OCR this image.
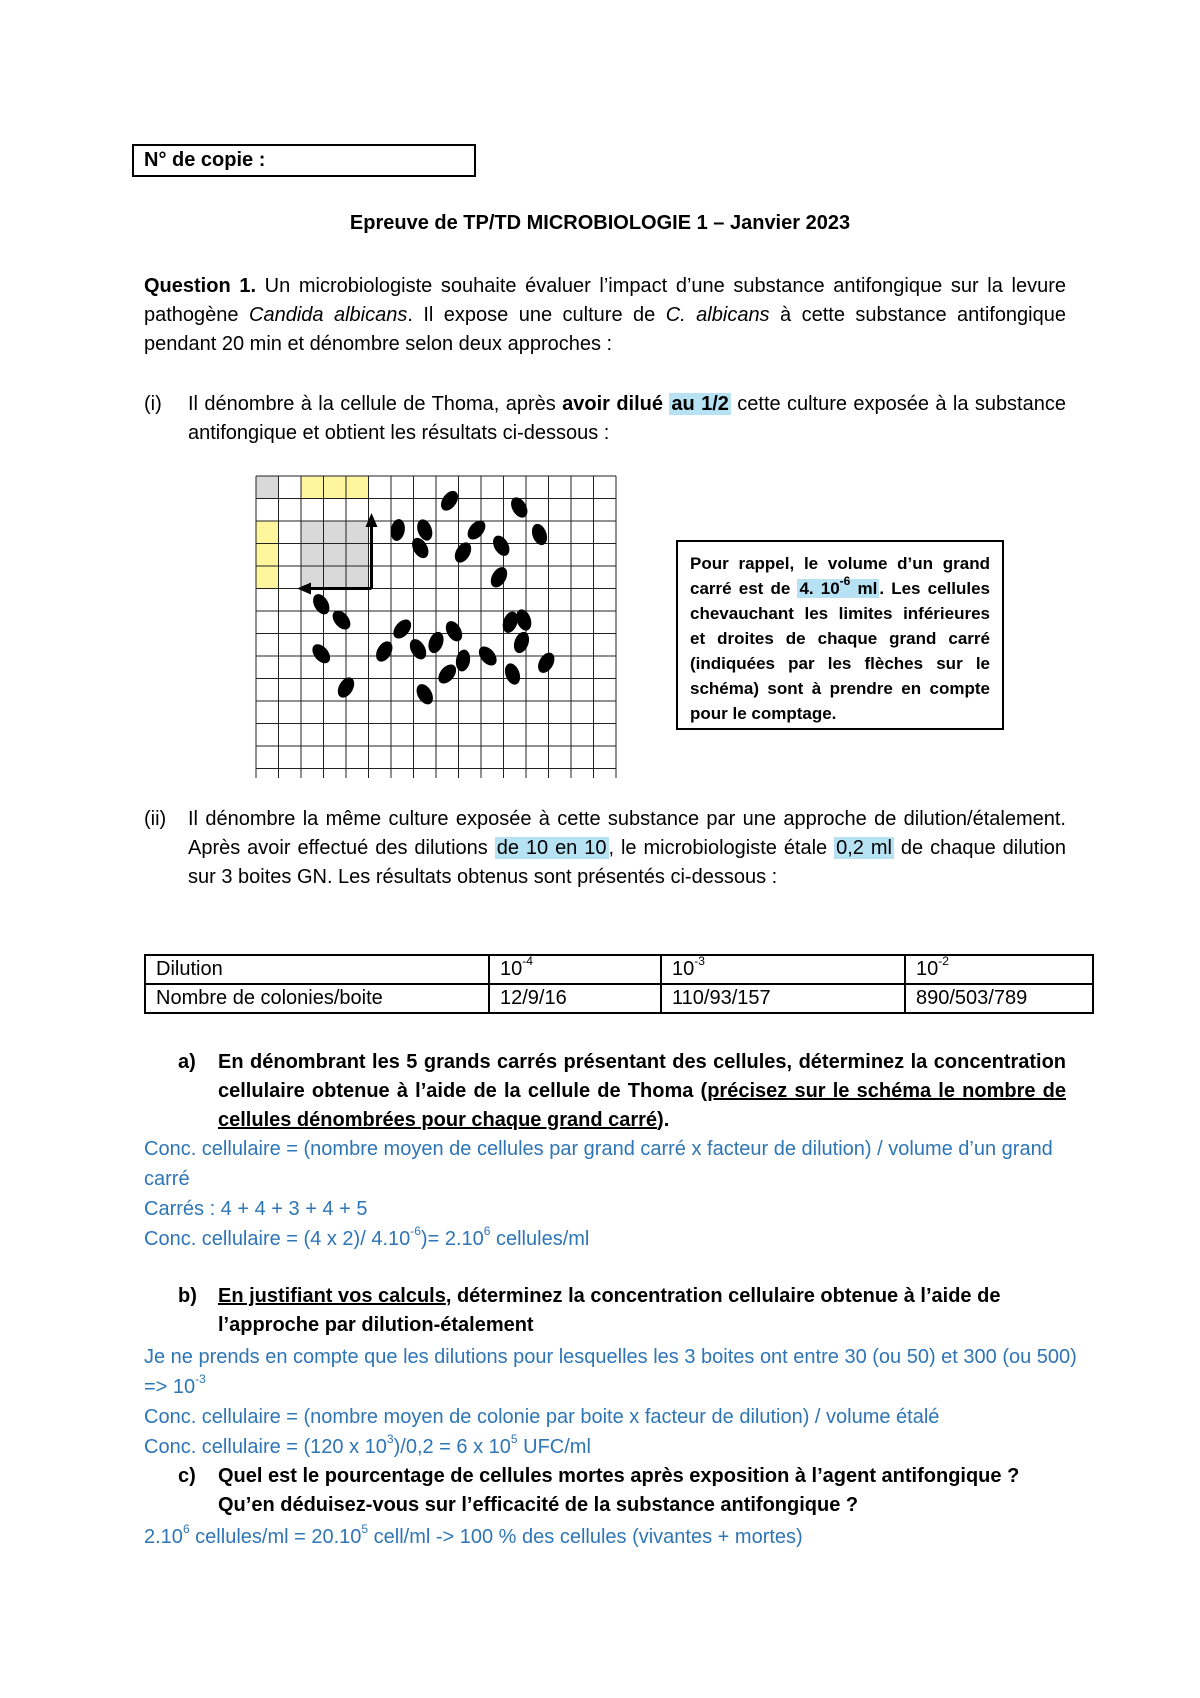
N° de copie :
Epreuve de TP/TD MICROBIOLOGIE 1 – Janvier 2023
Question 1. Un microbiologiste souhaite évaluer l’impact d’une substance antifongique sur la levure pathogène Candida albicans. Il expose une culture de C. albicans à cette substance antifongique pendant 20 min et dénombre selon deux approches :
(i) Il dénombre à la cellule de Thoma, après avoir dilué au 1/2 cette culture exposée à la substance antifongique et obtient les résultats ci-dessous :
Pour rappel, le volume d’un grand carré est de 4. $10^{-6}$ ml . Les cellules chevauchant les limites inférieures et droites de chaque grand carré (indiquées par les flèches sur le schéma) sont à prendre en compte pour le comptage.
(ii) Il dénombre la même culture exposée à cette substance par une approche de dilution/étalement. Après avoir effectué des dilutions de 10 en 10 , le microbiologiste étale 0,2 ml de chaque dilution sur 3 boites GN. Les résultats obtenus sont présentés ci-dessous :
Dilution	$10^{-4}$	$10^{-3}$	$10^{-2}$
Nombre de colonies/boite	12/9/16	110/93/157	890/503/789
a) En dénombrant les 5 grands carrés présentant des cellules, déterminez la concentration cellulaire obtenue à l’aide de la cellule de Thoma (précisez sur le schéma le nombre de cellules dénombrées pour chaque grand carré).
Conc. cellulaire = (nombre moyen de cellules par grand carré x facteur de dilution) / volume d’un grand carré
Carrés : 4 + 4 + 3 + 4 + 5
Conc. cellulaire = (4 x 2)/ $4.10^{-6})= 2.10^6$ cellules/ml
b) En justifiant vos calculs, déterminez la concentration cellulaire obtenue à l’aide de l’approche par dilution-étalement
Je ne prends en compte que les dilutions pour lesquelles les 3 boites ont entre 30 (ou 50) et 300 (ou $500) => 10^{-3}$
Conc. cellulaire = (nombre moyen de colonie par boite x facteur de dilution) / volume étalé
Conc. cellulaire = (120 x $10^3)/0,2 = 6$ x $10^5$ UFC/ml
c) Quel est le pourcentage de cellules mortes après exposition à l’agent antifongique ? Qu’en déduisez-vous sur l’efficacité de la substance antifongique ?
2.10$^6$ cellules/ml = $20.10^5$ cell/ml -> 100 % des cellules (vivantes + mortes)
